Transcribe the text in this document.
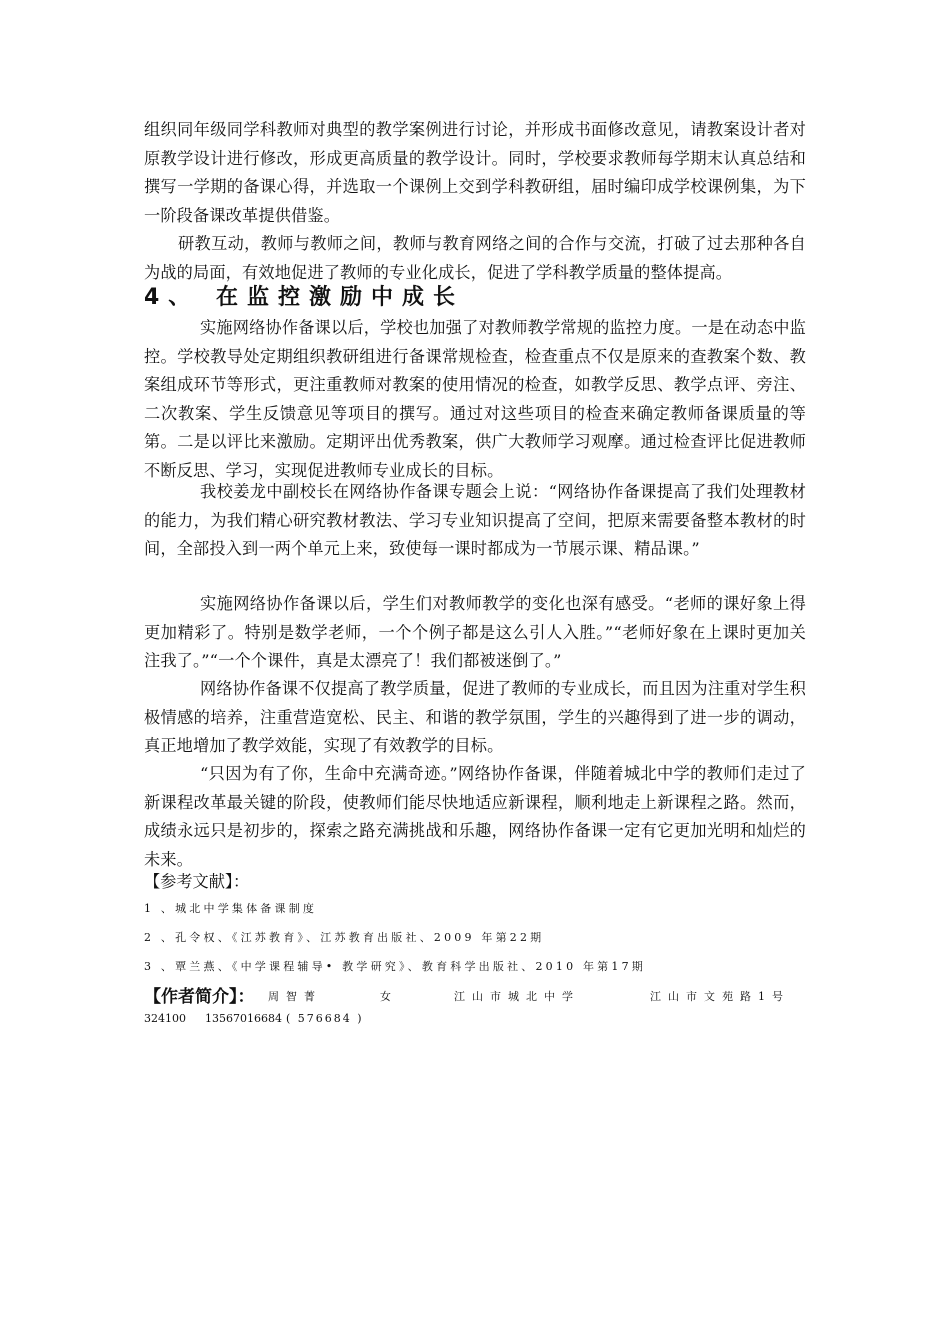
组织同年级同学科教师对典型的教学案例进行讨论，并形成书面修改意见，请教案设计者对原教学设计进行修改，形成更高质量的教学设计。同时，学校要求教师每学期末认真总结和撰写一学期的备课心得，并选取一个课例上交到学科教研组，届时编印成学校课例集，为下一阶段备课改革提供借鉴。
研教互动，教师与教师之间，教师与教育网络之间的合作与交流，打破了过去那种各自为战的局面，有效地促进了教师的专业化成长，促进了学科教学质量的整体提高。
4、 在监控激励中成长
实施网络协作备课以后，学校也加强了对教师教学常规的监控力度。一是在动态中监控。学校教导处定期组织教研组进行备课常规检查，检查重点不仅是原来的查教案个数、教案组成环节等形式，更注重教师对教案的使用情况的检查，如教学反思、教学点评、旁注、二次教案、学生反馈意见等项目的撰写。通过对这些项目的检查来确定教师备课质量的等第。二是以评比来激励。定期评出优秀教案，供广大教师学习观摩。通过检查评比促进教师不断反思、学习，实现促进教师专业成长的目标。
我校姜龙中副校长在网络协作备课专题会上说：“网络协作备课提高了我们处理教材的能力，为我们精心研究教材教法、学习专业知识提高了空间，把原来需要备整本教材的时间，全部投入到一两个单元上来，致使每一课时都成为一节展示课、精品课。”
实施网络协作备课以后，学生们对教师教学的变化也深有感受。“老师的课好象上得更加精彩了。特别是数学老师，一个个例子都是这么引人入胜。”“老师好象在上课时更加关注我了。”“一个个课件，真是太漂亮了！我们都被迷倒了。”
网络协作备课不仅提高了教学质量，促进了教师的专业成长，而且因为注重对学生积极情感的培养，注重营造宽松、民主、和谐的教学氛围，学生的兴趣得到了进一步的调动，真正地增加了教学效能，实现了有效教学的目标。
“只因为有了你，生命中充满奇迹。”网络协作备课，伴随着城北中学的教师们走过了新课程改革最关键的阶段，使教师们能尽快地适应新课程，顺利地走上新课程之路。然而，成绩永远只是初步的，探索之路充满挑战和乐趣，网络协作备课一定有它更加光明和灿烂的未来。
【参考文献】：
1 、城北中学集体备课制度
2 、孔令权、《江苏教育》、江苏教育出版社、2009 年第22期
3 、覃兰燕、《中学课程辅导• 教学研究》、教育科学出版社、2010 年第17期
【作者简介】： 周智菁	女	江山市城北中学	江山市文苑路1号
324100 13567016684 ( 576684 )
